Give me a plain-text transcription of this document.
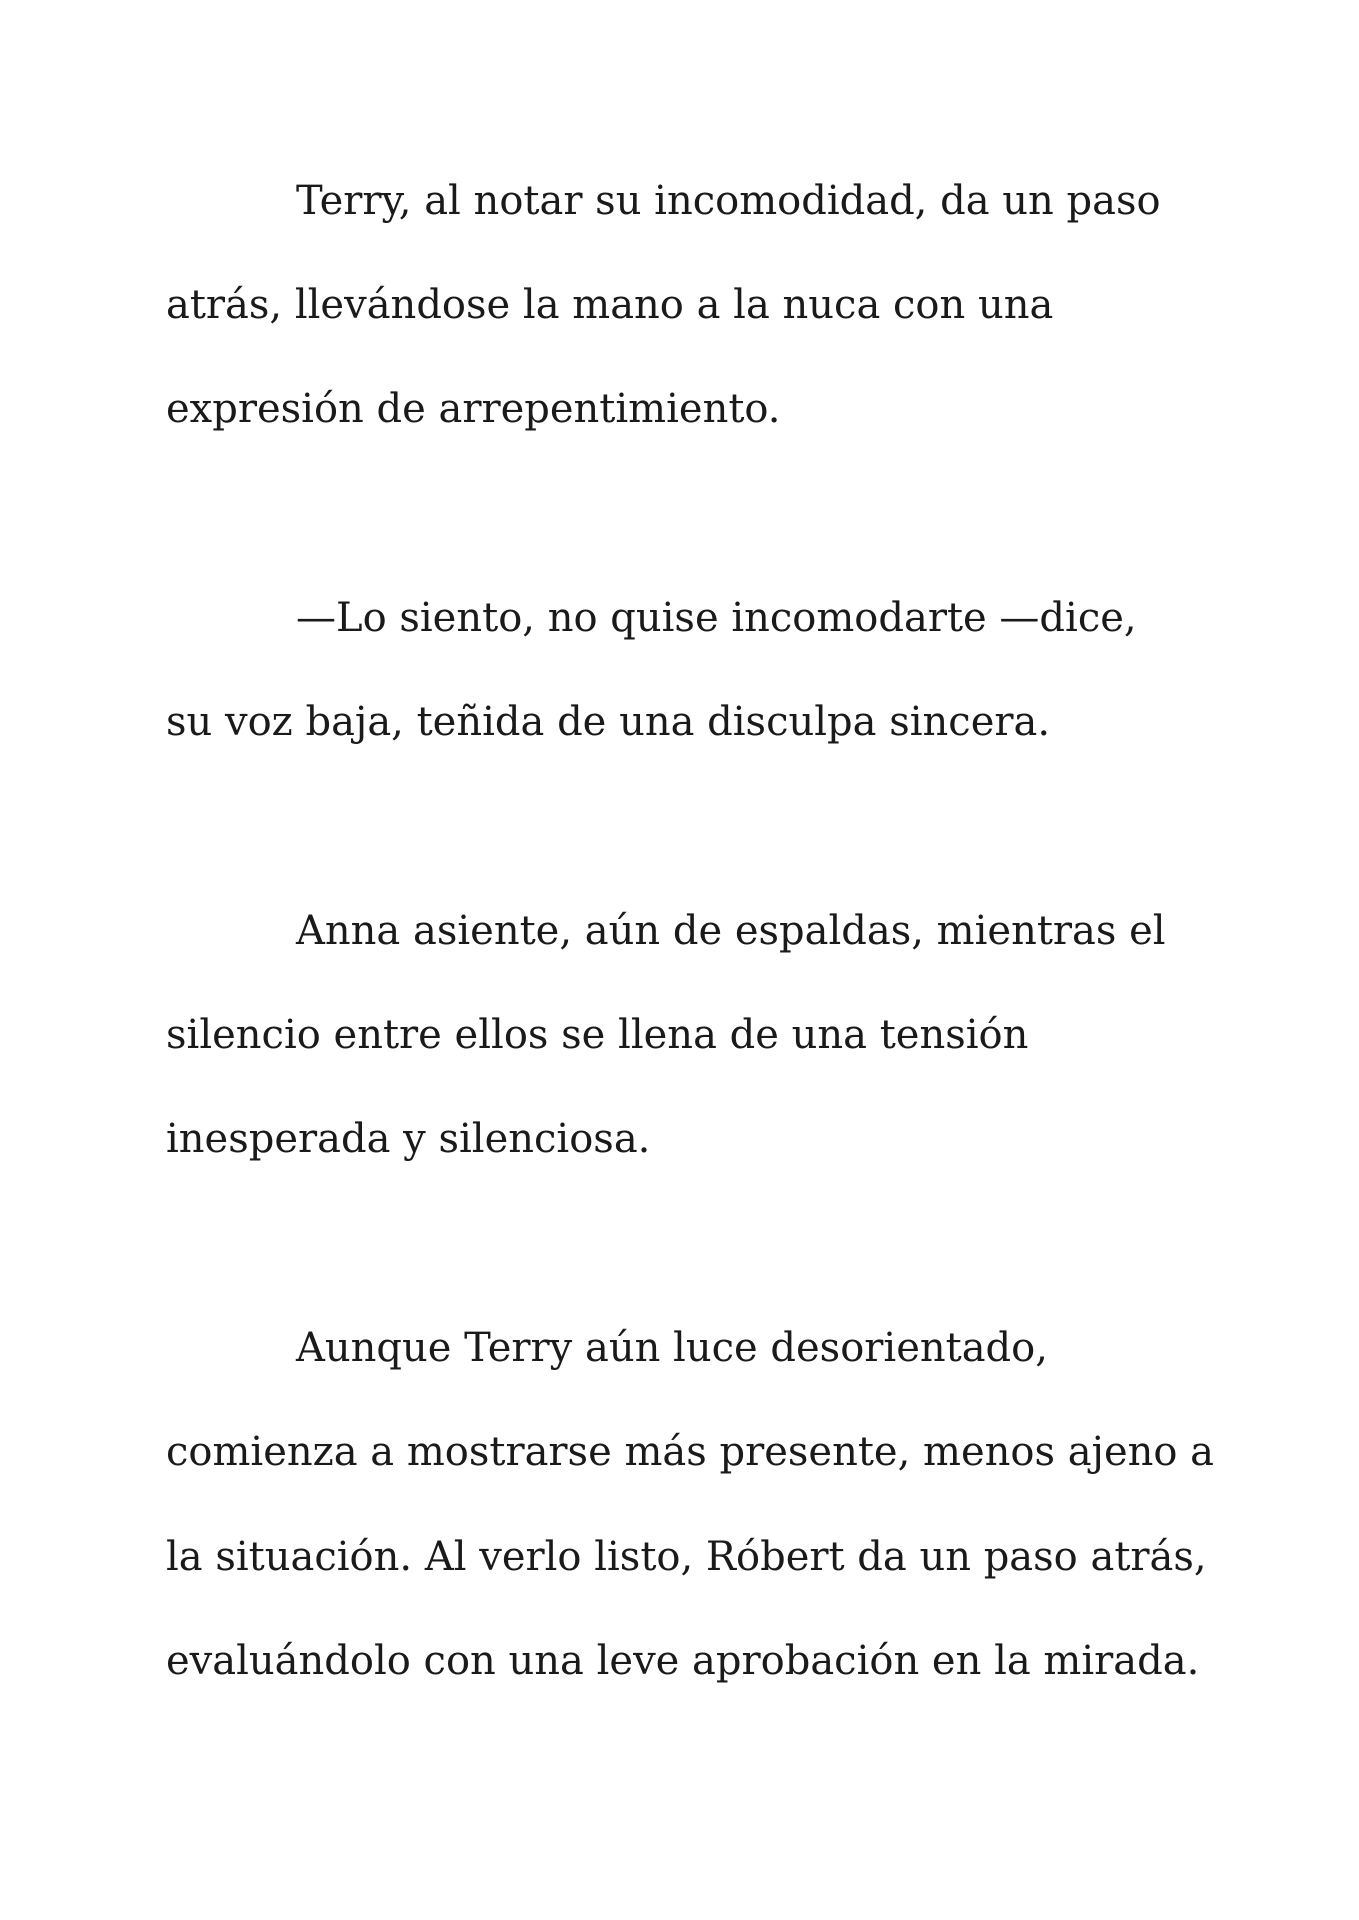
Terry, al notar su incomodidad, da un paso

atrás, llevándose la mano a la nuca con una

expresión de arrepentimiento.

—Lo siento, no quise incomodarte —dice,

su voz baja, teñida de una disculpa sincera.

Anna asiente, aún de espaldas, mientras el

silencio entre ellos se llena de una tensión

inesperada y silenciosa.

Aunque Terry aún luce desorientado,

comienza a mostrarse más presente, menos ajeno a

la situación. Al verlo listo, Róbert da un paso atrás,

evaluándolo con una leve aprobación en la mirada.
